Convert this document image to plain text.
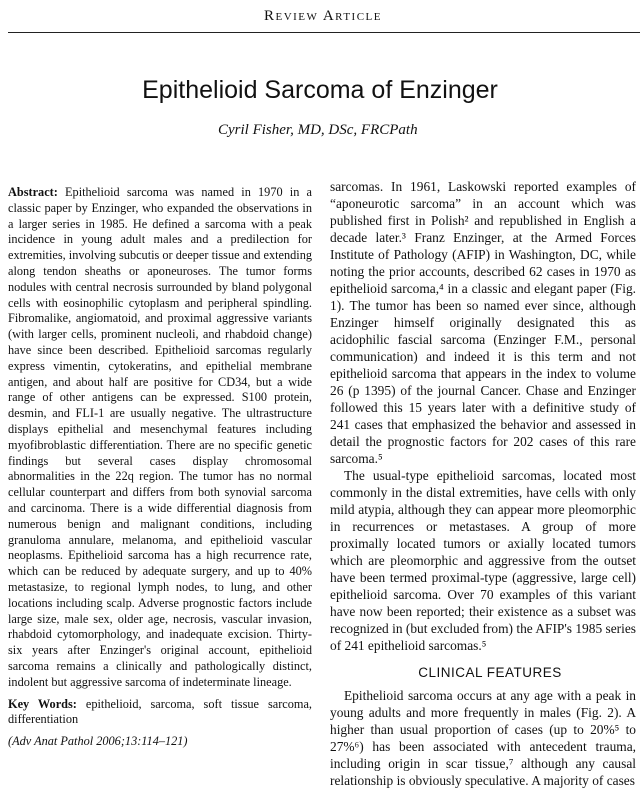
Review Article
Epithelioid Sarcoma of Enzinger
Cyril Fisher, MD, DSc, FRCPath

Abstract: Epithelioid sarcoma was named in 1970 in a classic paper by Enzinger, who expanded the observations in a larger series in 1985. He defined a sarcoma with a peak incidence in young adult males and a predilection for extremities, involving subcutis or deeper tissue and extending along tendon sheaths or aponeuroses. The tumor forms nodules with central necrosis surrounded by bland polygonal cells with eosinophilic cytoplasm and peripheral spindling. Fibromalike, angiomatoid, and proximal aggressive variants (with larger cells, prominent nucleoli, and rhabdoid change) have since been described. Epithelioid sarcomas regularly express vimentin, cytokeratins, and epithelial membrane antigen, and about half are positive for CD34, but a wide range of other antigens can be expressed. S100 protein, desmin, and FLI-1 are usually negative. The ultrastructure displays epithelial and mesenchymal features including myofibroblastic differentiation. There are no specific genetic findings but several cases display chromosomal abnormalities in the 22q region. The tumor has no normal cellular counterpart and differs from both synovial sarcoma and carcinoma. There is a wide differential diagnosis from numerous benign and malignant conditions, including granuloma annulare, melanoma, and epithelioid vascular neoplasms. Epithelioid sarcoma has a high recurrence rate, which can be reduced by adequate surgery, and up to 40% metastasize, to regional lymph nodes, to lung, and other locations including scalp. Adverse prognostic factors include large size, male sex, older age, necrosis, vascular invasion, rhabdoid cytomorphology, and inadequate excision. Thirty-six years after Enzinger's original account, epithelioid sarcoma remains a clinically and pathologically distinct, indolent but aggressive sarcoma of indeterminate lineage.

Key Words: epithelioid, sarcoma, soft tissue sarcoma, differentiation

(Adv Anat Pathol 2006;13:114–121)

sarcomas. In 1961, Laskowski reported examples of “aponeurotic sarcoma” in an account which was published first in Polish² and republished in English a decade later.³ Franz Enzinger, at the Armed Forces Institute of Pathology (AFIP) in Washington, DC, while noting the prior accounts, described 62 cases in 1970 as epithelioid sarcoma,⁴ in a classic and elegant paper (Fig. 1). The tumor has been so named ever since, although Enzinger himself originally designated this as acidophilic fascial sarcoma (Enzinger F.M., personal communication) and indeed it is this term and not epithelioid sarcoma that appears in the index to volume 26 (p 1395) of the journal Cancer. Chase and Enzinger followed this 15 years later with a definitive study of 241 cases that emphasized the behavior and assessed in detail the prognostic factors for 202 cases of this rare sarcoma.⁵

The usual-type epithelioid sarcomas, located most commonly in the distal extremities, have cells with only mild atypia, although they can appear more pleomorphic in recurrences or metastases. A group of more proximally located tumors or axially located tumors which are pleomorphic and aggressive from the outset have been termed proximal-type (aggressive, large cell) epithelioid sarcoma. Over 70 examples of this variant have now been reported; their existence as a subset was recognized in (but excluded from) the AFIP's 1985 series of 241 epithelioid sarcomas.⁵

CLINICAL FEATURES

Epithelioid sarcoma occurs at any age with a peak in young adults and more frequently in males (Fig. 2). A higher than usual proportion of cases (up to 20%⁵ to 27%⁶) has been associated with antecedent trauma, including origin in scar tissue,⁷ although any causal relationship is obviously speculative. A majority of cases
